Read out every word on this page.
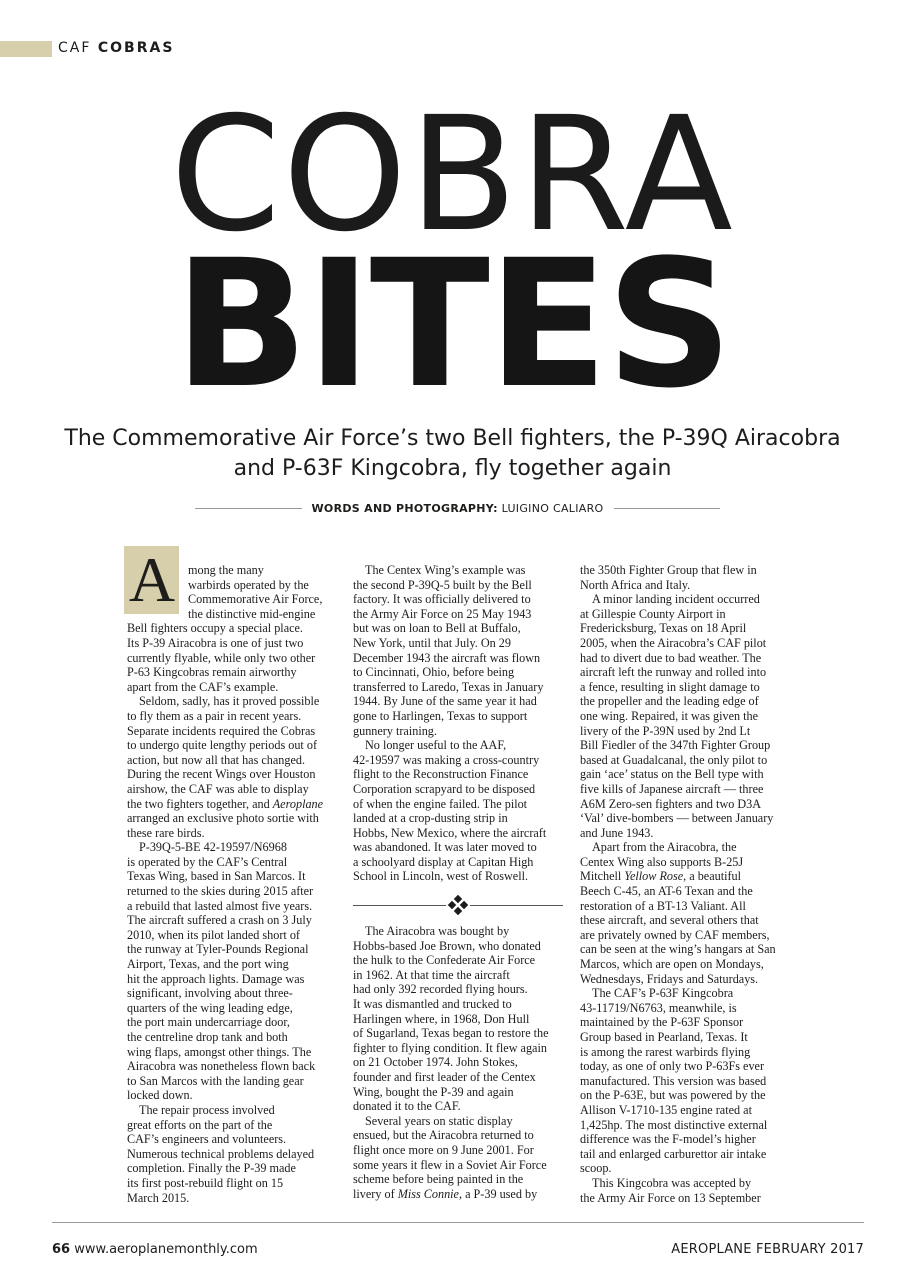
CAF COBRAS
COBRA
BITES
The Commemorative Air Force’s two Bell fighters, the P-39Q Airacobra
and P-63F Kingcobra, fly together again
WORDS AND PHOTOGRAPHY: LUIGINO CALIARO
A	mong the many

warbirds operated by the

Commemorative Air Force,

the distinctive mid-engine

Bell fighters occupy a special place.
Its P-39 Airacobra is one of just two
currently flyable, while only two other
P-63 Kingcobras remain airworthy
apart from the CAF’s example.

Seldom, sadly, has it proved possible
to fly them as a pair in recent years.
Separate incidents required the Cobras
to undergo quite lengthy periods out of
action, but now all that has changed.
During the recent Wings over Houston
airshow, the CAF was able to display
the two fighters together, and Aeroplane
arranged an exclusive photo sortie with
these rare birds.

P-39Q-5-BE 42-19597/N6968
is operated by the CAF’s Central
Texas Wing, based in San Marcos. It
returned to the skies during 2015 after
a rebuild that lasted almost five years.
The aircraft suffered a crash on 3 July
2010, when its pilot landed short of
the runway at Tyler-Pounds Regional
Airport, Texas, and the port wing
hit the approach lights. Damage was
significant, involving about three-
quarters of the wing leading edge,
the port main undercarriage door,
the centreline drop tank and both
wing flaps, amongst other things. The
Airacobra was nonetheless flown back
to San Marcos with the landing gear
locked down.

The repair process involved
great efforts on the part of the
CAF’s engineers and volunteers.
Numerous technical problems delayed
completion. Finally the P-39 made
its first post-rebuild flight on 15
March 2015.

The Centex Wing’s example was
the second P-39Q-5 built by the Bell
factory. It was officially delivered to
the Army Air Force on 25 May 1943
but was on loan to Bell at Buffalo,
New York, until that July. On 29
December 1943 the aircraft was flown
to Cincinnati, Ohio, before being
transferred to Laredo, Texas in January
1944. By June of the same year it had
gone to Harlingen, Texas to support
gunnery training.

No longer useful to the AAF,
42-19597 was making a cross-country
flight to the Reconstruction Finance
Corporation scrapyard to be disposed
of when the engine failed. The pilot
landed at a crop-dusting strip in
Hobbs, New Mexico, where the aircraft
was abandoned. It was later moved to
a schoolyard display at Capitan High
School in Lincoln, west of Roswell.

The Airacobra was bought by
Hobbs-based Joe Brown, who donated
the hulk to the Confederate Air Force
in 1962. At that time the aircraft
had only 392 recorded flying hours.
It was dismantled and trucked to
Harlingen where, in 1968, Don Hull
of Sugarland, Texas began to restore the
fighter to flying condition. It flew again
on 21 October 1974. John Stokes,
founder and first leader of the Centex
Wing, bought the P-39 and again
donated it to the CAF.

Several years on static display
ensued, but the Airacobra returned to
flight once more on 9 June 2001. For
some years it flew in a Soviet Air Force
scheme before being painted in the
livery of Miss Connie, a P-39 used by

the 350th Fighter Group that flew in
North Africa and Italy.

A minor landing incident occurred
at Gillespie County Airport in
Fredericksburg, Texas on 18 April
2005, when the Airacobra’s CAF pilot
had to divert due to bad weather. The
aircraft left the runway and rolled into
a fence, resulting in slight damage to
the propeller and the leading edge of
one wing. Repaired, it was given the
livery of the P-39N used by 2nd Lt
Bill Fiedler of the 347th Fighter Group
based at Guadalcanal, the only pilot to
gain ‘ace’ status on the Bell type with
five kills of Japanese aircraft — three
A6M Zero-sen fighters and two D3A
‘Val’ dive-bombers — between January
and June 1943.

Apart from the Airacobra, the
Centex Wing also supports B-25J
Mitchell Yellow Rose, a beautiful
Beech C-45, an AT-6 Texan and the
restoration of a BT-13 Valiant. All
these aircraft, and several others that
are privately owned by CAF members,
can be seen at the wing’s hangars at San
Marcos, which are open on Mondays,
Wednesdays, Fridays and Saturdays.

The CAF’s P-63F Kingcobra
43-11719/N6763, meanwhile, is
maintained by the P-63F Sponsor
Group based in Pearland, Texas. It
is among the rarest warbirds flying
today, as one of only two P-63Fs ever
manufactured. This version was based
on the P-63E, but was powered by the
Allison V-1710-135 engine rated at
1,425hp. The most distinctive external
difference was the F-model’s higher
tail and enlarged carburettor air intake
scoop.

This Kingcobra was accepted by
the Army Air Force on 13 September

66 www.aeroplanemonthly.com	AEROPLANE FEBRUARY 2017
